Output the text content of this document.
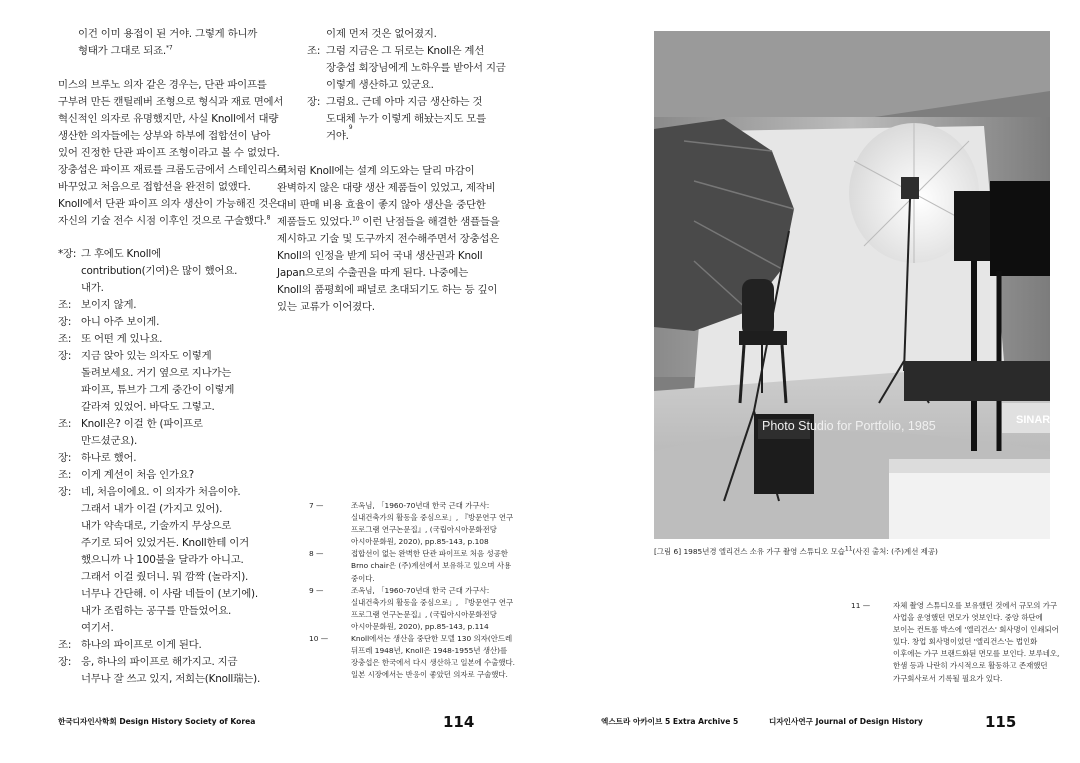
이건 이미 용접이 된 거야. 그렇게 하니까

형태가 그대로 되죠.$^{*7}$

미스의 브루노 의자 같은 경우는, 단관 파이프를

구부려 만든 캔틸레버 조형으로 형식과 재료 면에서

혁신적인 의자로 유명했지만, 사실 Knoll에서 대량

생산한 의자들에는 상부와 하부에 접합선이 남아

있어 진정한 단관 파이프 조형이라고 볼 수 없었다.

장충섭은 파이프 재료를 크롬도금에서 스테인리스로

바꾸었고 처음으로 접합선을 완전히 없앴다.

Knoll에서 단관 파이프 의자 생산이 가능해진 것은

자신의 기술 전수 시점 이후인 것으로 구술했다.$^8$

*장: 그 후에도 Knoll에
contribution(기여)은 많이 했어요.
내가.
조: 보이지 않게.
장: 아니 아주 보이게.
조: 또 어떤 게 있나요.
장: 지금 앉아 있는 의자도 이렇게
돌려보세요. 거기 옆으로 지나가는
파이프, 튜브가 그게 중간이 이렇게
갈라져 있었어. 바닥도 그렇고.
조: Knoll은? 이걸 한 (파이프로
만드셨군요).
장: 하나로 했어.
조: 이게 계선이 처음 인가요?
장: 네, 처음이에요. 이 의자가 처음이야.
그래서 내가 이걸 (가지고 있어).
내가 약속대로, 기술까지 무상으로
주기로 되어 있었거든. Knoll한테 이거
했으니까 나 100불을 달라가 아니고.
그래서 이걸 줬더니. 뭐 깜짝 (놀라지).
너무나 간단해. 이 사람 네들이 (보기에).
내가 조립하는 공구를 만들었어요.
여기서.
조: 하나의 파이프로 이게 된다.
장: 응, 하나의 파이프로 해가지고. 지금
너무나 잘 쓰고 있지, 저희는(Knoll瑞는).
이제 먼저 것은 없어졌지.
조: 그럼 지금은 그 뒤로는 Knoll은 계선
장충섭 회장님에게 노하우를 받아서 지금
이렇게 생산하고 있군요.
장: 그럼요. 근데 아마 지금 생산하는 것
도대체 누가 이렇게 해놨는지도 모를
거야.
9

이처럼 Knoll에는 설계 의도와는 달리 마감이

완벽하지 않은 대량 생산 제품들이 있었고, 제작비

대비 판매 비용 효율이 좋지 않아 생산을 중단한

제품들도 있었다.$^{10}$ 이런 난점들을 해결한 샘플들을

제시하고 기술 및 도구까지 전수해주면서 장충섭은

Knoll의 인정을 받게 되어 국내 생산권과 Knoll

Japan으로의 수출권을 따게 된다. 나중에는

Knoll의 품평회에 패널로 초대되기도 하는 등 깊이

있는 교류가 이어졌다.

7 —	조옥님, 「1960-70년대 한국 근대 가구사:
실내건축가의 활동을 중심으로」, 『방문연구 연구
프로그램 연구논문집』, (국립아시아문화전당
아시아문화원, 2020), pp.85-143, p.108
8 —	접합선이 없는 완벽한 단관 파이프로 처음 성공한
Brno chair은 (주)계선에서 보유하고 있으며 사용
중이다.
9 —	조옥님, 「1960-70년대 한국 근대 가구사:
실내건축가의 활동을 중심으로」, 『방문연구 연구
프로그램 연구논문집』, (국립아시아문화전당
아시아문화원, 2020), pp.85-143, p.114
10 —	Knoll에서는 생산을 중단한 모델 130 의자(안드레
뒤프레 1948년, Knoll은 1948-1955년 생산)를
장충섭은 한국에서 다시 생산하고 일본에 수출했다.
일본 시장에서는 반응이 좋았던 의자로 구술했다.
한국디자인사학회 Design History Society of Korea	114
Photo Studio for Portfolio, 1985	SINAR
[그림 6] 1985년경 엘리건스 소유 가구 촬영 스튜디오 모습$^{11}$(사진 출처: (주)계선 제공)
11 —	자체 촬영 스튜디오를 보유했던 것에서 규모의 가구
사업을 운영했던 면모가 엿보인다. 중앙 하단에
보이는 컨트롤 박스에 '엘리건스' 회사명이 인쇄되어
있다. 창업 회사명이었던 '엘리건스'는 법인화
이후에는 가구 브랜드화된 면모를 보인다. 보루네오,
한샘 등과 나란히 가시적으로 활동하고 존재했던
가구회사로서 기록될 필요가 있다.
엑스트라 아카이브 5 Extra Archive 5	디자인사연구 Journal of Design History	115
